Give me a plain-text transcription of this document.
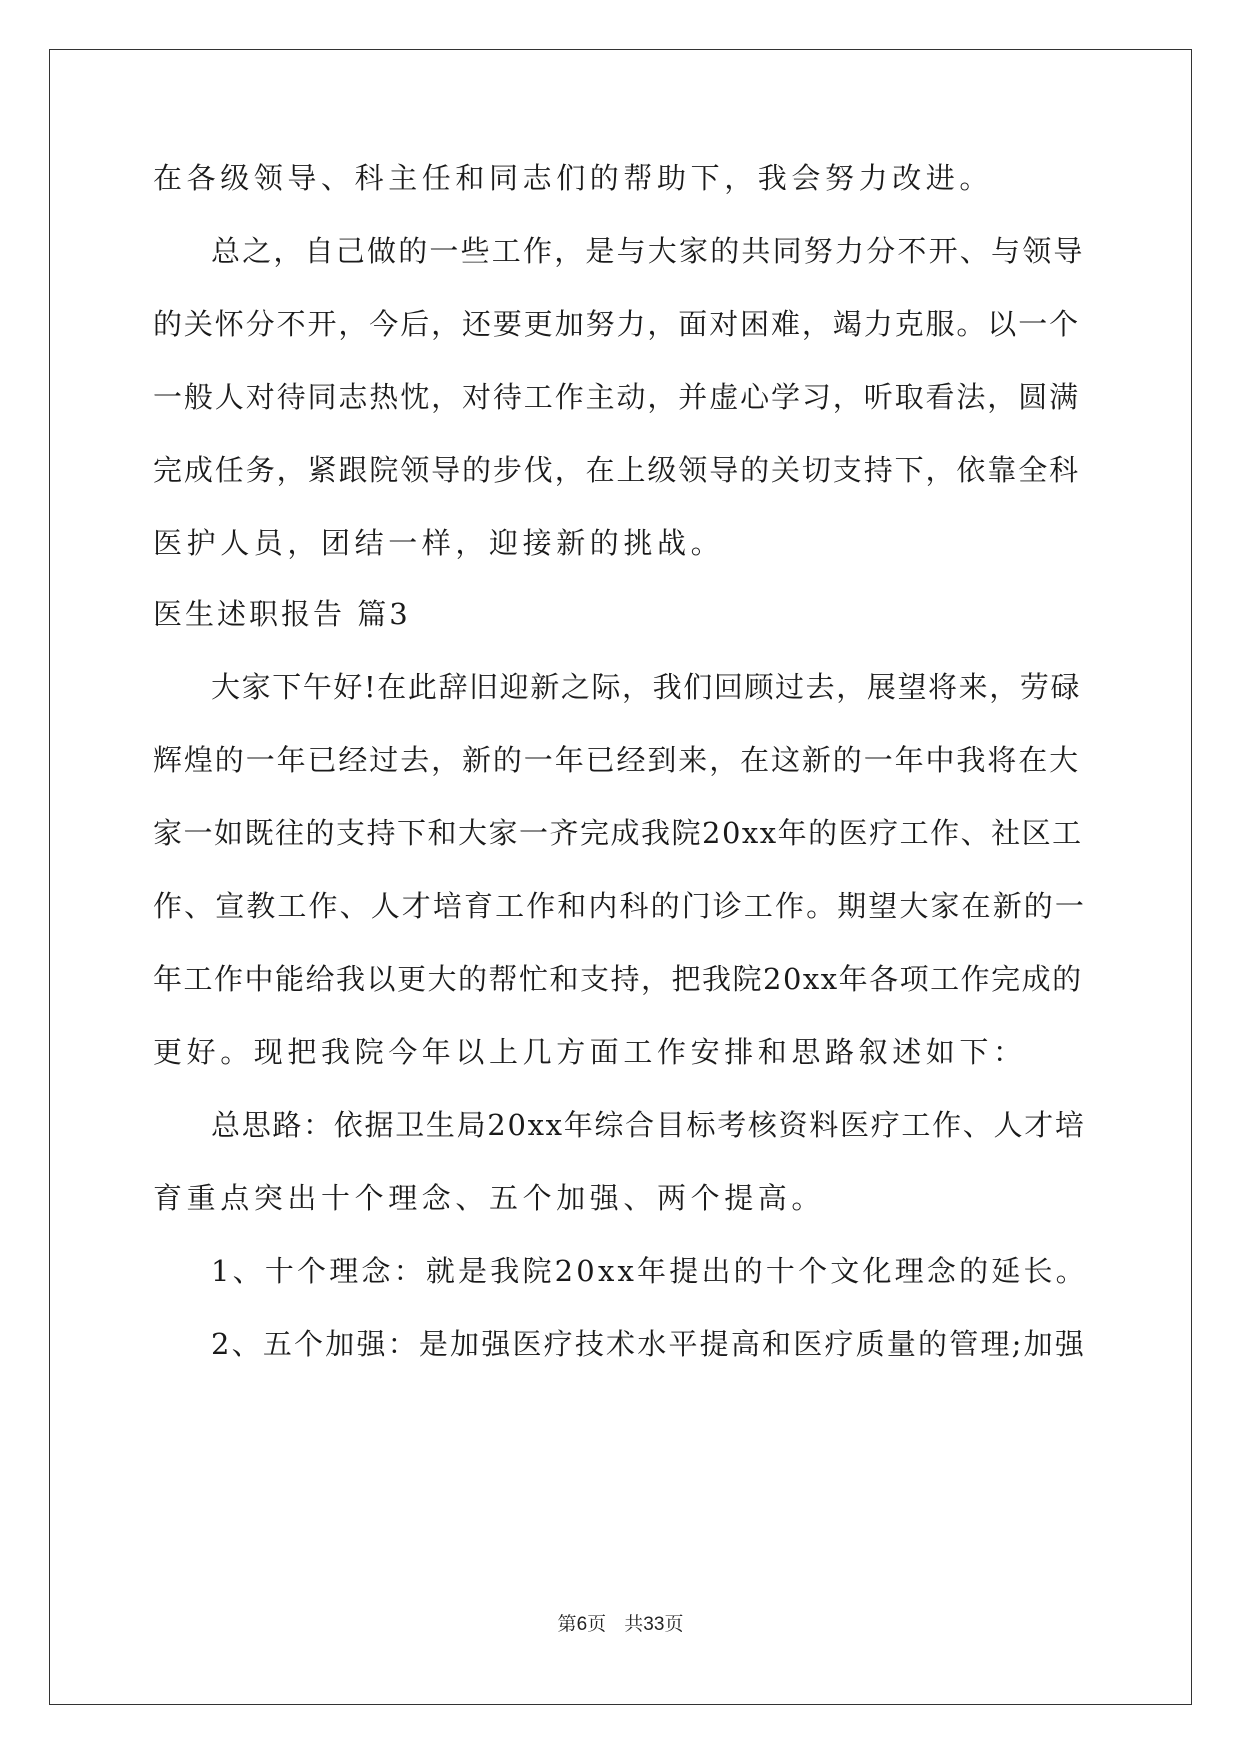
在各级领导、科主任和同志们的帮助下，我会努力改进。
总之，自己做的一些工作，是与大家的共同努力分不开、与领导
的关怀分不开，今后，还要更加努力，面对困难，竭力克服。以一个
一般人对待同志热忱，对待工作主动，并虚心学习，听取看法，圆满
完成任务，紧跟院领导的步伐，在上级领导的关切支持下，依靠全科
医护人员，团结一样，迎接新的挑战。
医生述职报告 篇3
大家下午好!在此辞旧迎新之际，我们回顾过去，展望将来，劳碌
辉煌的一年已经过去，新的一年已经到来，在这新的一年中我将在大
家一如既往的支持下和大家一齐完成我院20xx年的医疗工作、社区工
作、宣教工作、人才培育工作和内科的门诊工作。期望大家在新的一
年工作中能给我以更大的帮忙和支持，把我院20xx年各项工作完成的
更好。现把我院今年以上几方面工作安排和思路叙述如下：
总思路：依据卫生局20xx年综合目标考核资料医疗工作、人才培
育重点突出十个理念、五个加强、两个提高。
1、十个理念：就是我院20xx年提出的十个文化理念的延长。
2、五个加强：是加强医疗技术水平提高和医疗质量的管理;加强
第6页 共33页
